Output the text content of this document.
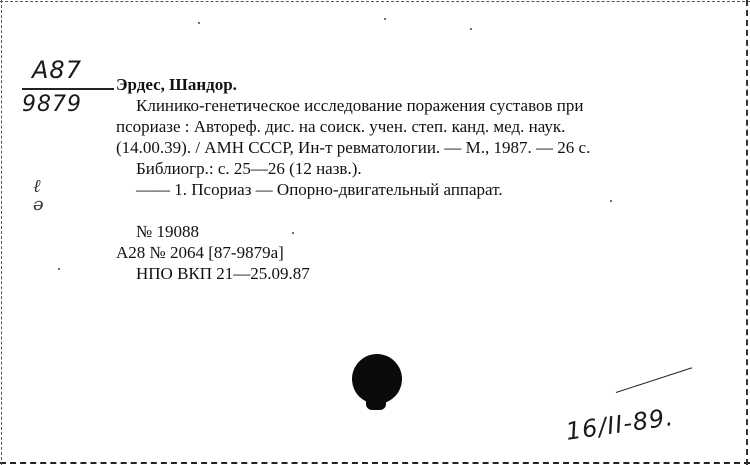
A87
9879
Эрдес, Шандор.
Клинико-генетическое исследование поражения суставов при
псориазе : Автореф. дис. на соиск. учен. степ. канд. мед. наук.
(14.00.39). / АМН СССР, Ин-т ревматологии. — М., 1987. — 26 с.
Библиогр.: с. 25—26 (12 назв.).
—— 1. Псориаз — Опорно-двигательный аппарат.
№ 19088
А28 № 2064 [87-9879а]
НПО ВКП 21—25.09.87
ℓ
ə
16/II-89.
